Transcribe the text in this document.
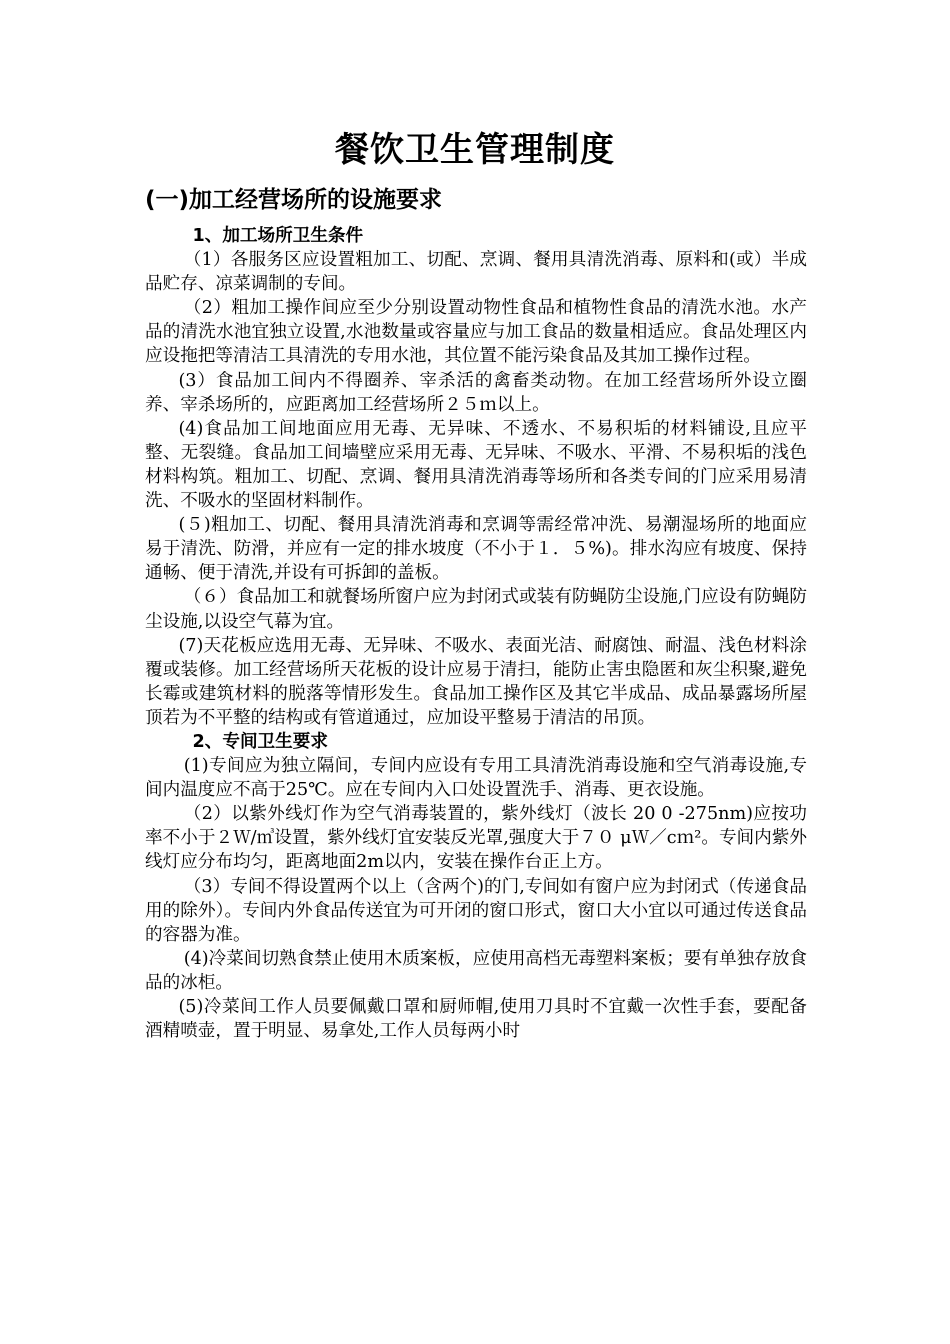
餐饮卫生管理制度
(一)加工经营场所的设施要求
1、加工场所卫生条件

（1）各服务区应设置粗加工、切配、烹调、餐用具清洗消毒、原料和(或）半成品贮存、凉菜调制的专间。

（2）粗加工操作间应至少分别设置动物性食品和植物性食品的清洗水池。水产品的清洗水池宜独立设置,水池数量或容量应与加工食品的数量相适应。食品处理区内应设拖把等清洁工具清洗的专用水池，其位置不能污染食品及其加工操作过程。

(3）食品加工间内不得圈养、宰杀活的禽畜类动物。在加工经营场所外设立圈养、宰杀场所的，应距离加工经营场所２５ｍ以上。

(4)食品加工间地面应用无毒、无异味、不透水、不易积垢的材料铺设,且应平整、无裂缝。食品加工间墙壁应采用无毒、无异味、不吸水、平滑、不易积垢的浅色材料构筑。粗加工、切配、烹调、餐用具清洗消毒等场所和各类专间的门应采用易清洗、不吸水的坚固材料制作。

(５)粗加工、切配、餐用具清洗消毒和烹调等需经常冲洗、易潮湿场所的地面应易于清洗、防滑，并应有一定的排水坡度（不小于１．５%)。排水沟应有坡度、保持通畅、便于清洗,并设有可拆卸的盖板。

（６）食品加工和就餐场所窗户应为封闭式或装有防蝇防尘设施,门应设有防蝇防尘设施,以设空气幕为宜。

(7)天花板应选用无毒、无异味、不吸水、表面光洁、耐腐蚀、耐温、浅色材料涂覆或装修。加工经营场所天花板的设计应易于清扫，能防止害虫隐匿和灰尘积聚,避免长霉或建筑材料的脱落等情形发生。食品加工操作区及其它半成品、成品暴露场所屋顶若为不平整的结构或有管道通过，应加设平整易于清洁的吊顶。

2、专间卫生要求

(1)专间应为独立隔间，专间内应设有专用工具清洗消毒设施和空气消毒设施,专间内温度应不高于25℃。应在专间内入口处设置洗手、消毒、更衣设施。

（2）以紫外线灯作为空气消毒装置的，紫外线灯（波长 20 0 -275nm)应按功率不小于２Ｗ/㎥设置，紫外线灯宜安装反光罩,强度大于７０ μＷ／cｍ²。专间内紫外线灯应分布均匀，距离地面2m以内，安装在操作台正上方。

（3）专间不得设置两个以上（含两个)的门,专间如有窗户应为封闭式（传递食品用的除外）。专间内外食品传送宜为可开闭的窗口形式，窗口大小宜以可通过传送食品的容器为准。

(4)冷菜间切熟食禁止使用木质案板，应使用高档无毒塑料案板；要有单独存放食品的冰柜。

(5)冷菜间工作人员要佩戴口罩和厨师帽,使用刀具时不宜戴一次性手套，要配备酒精喷壶，置于明显、易拿处,工作人员每两小时
